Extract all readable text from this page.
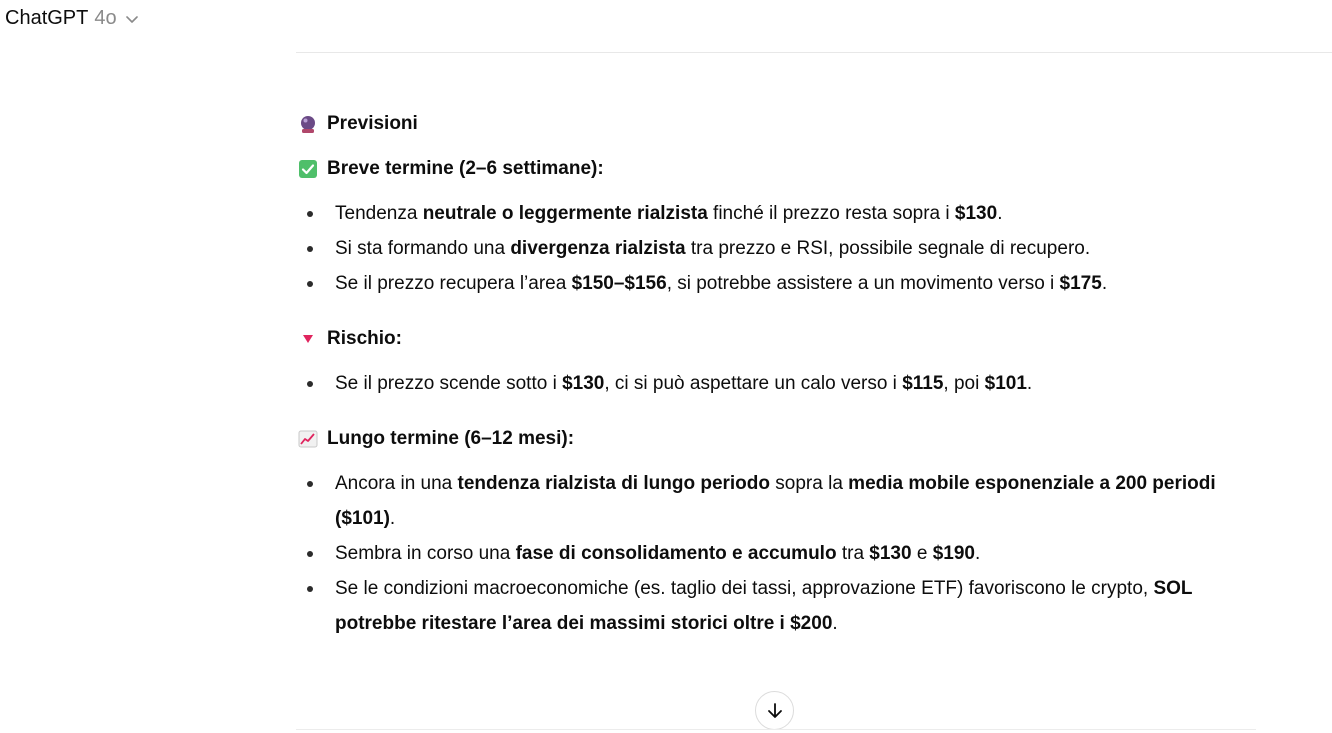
ChatGPT 4o
Previsioni
Breve termine (2–6 settimane):
Tendenza neutrale o leggermente rialzista finché il prezzo resta sopra i $130.
Si sta formando una divergenza rialzista tra prezzo e RSI, possibile segnale di recupero.
Se il prezzo recupera l’area $150–$156, si potrebbe assistere a un movimento verso i $175.
Rischio:
Se il prezzo scende sotto i $130, ci si può aspettare un calo verso i $115, poi $101.
Lungo termine (6–12 mesi):
Ancora in una tendenza rialzista di lungo periodo sopra la media mobile esponenziale a 200 periodi ($101).
Sembra in corso una fase di consolidamento e accumulo tra $130 e $190.
Se le condizioni macroeconomiche (es. taglio dei tassi, approvazione ETF) favoriscono le crypto, SOL potrebbe ritestare l’area dei massimi storici oltre i $200.
